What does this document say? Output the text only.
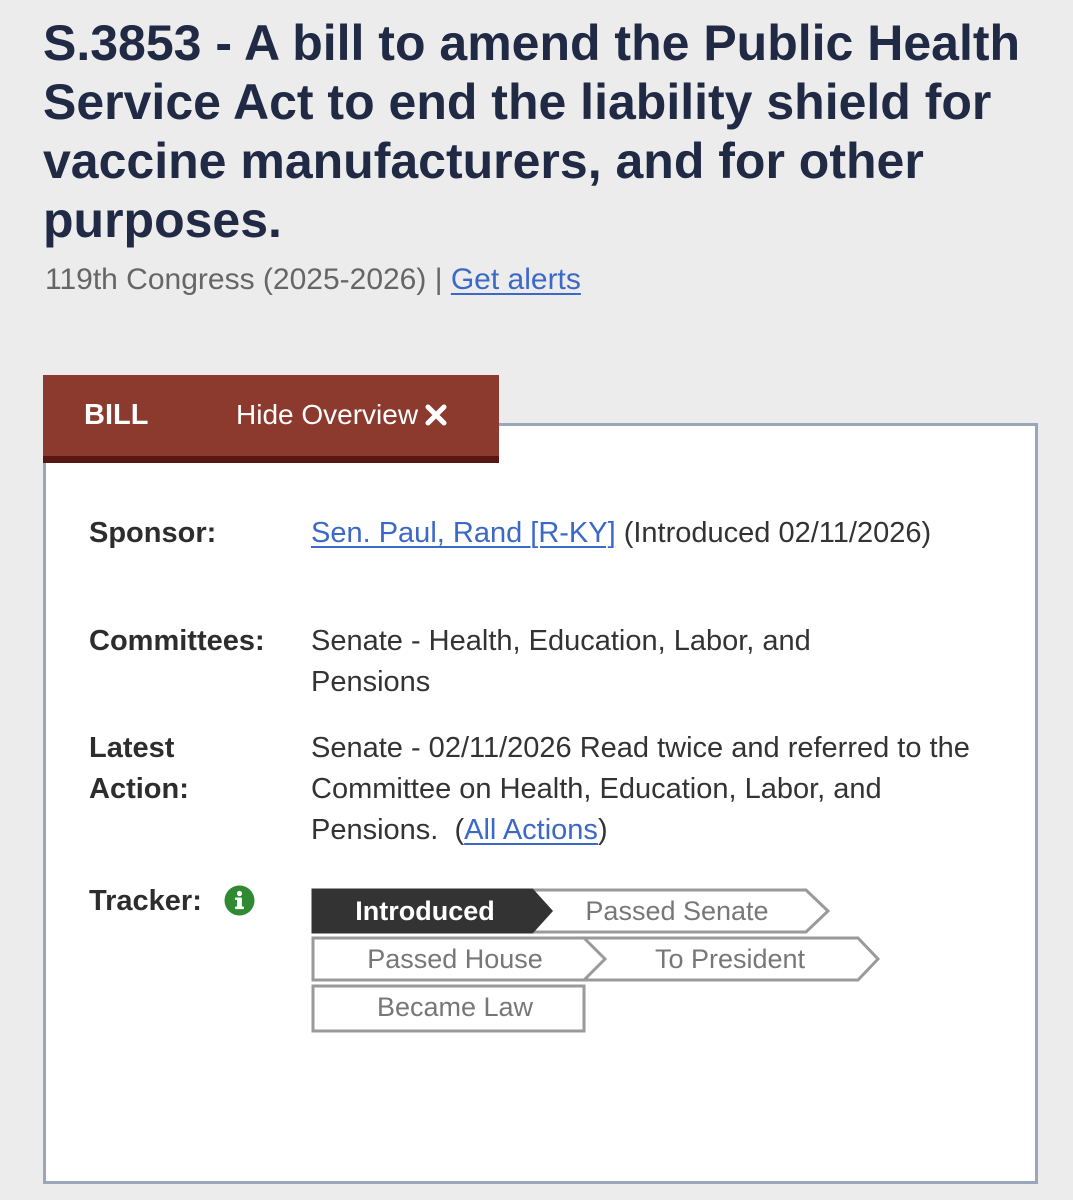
S.3853 - A bill to amend the Public Health Service Act to end the liability shield for vaccine manufacturers, and for other purposes.
119th Congress (2025-2026) | Get alerts
BILL	Hide Overview
Sponsor:	Sen. Paul, Rand [R-KY] (Introduced 02/11/2026)
Committees: Senate - Health, Education, Labor, and Pensions
Latest Action:
Senate - 02/11/2026 Read twice and referred to the Committee on Health, Education, Labor, and Pensions.  (All Actions)
Tracker:	Introduced	Passed Senate
Passed House	To President
Became Law
